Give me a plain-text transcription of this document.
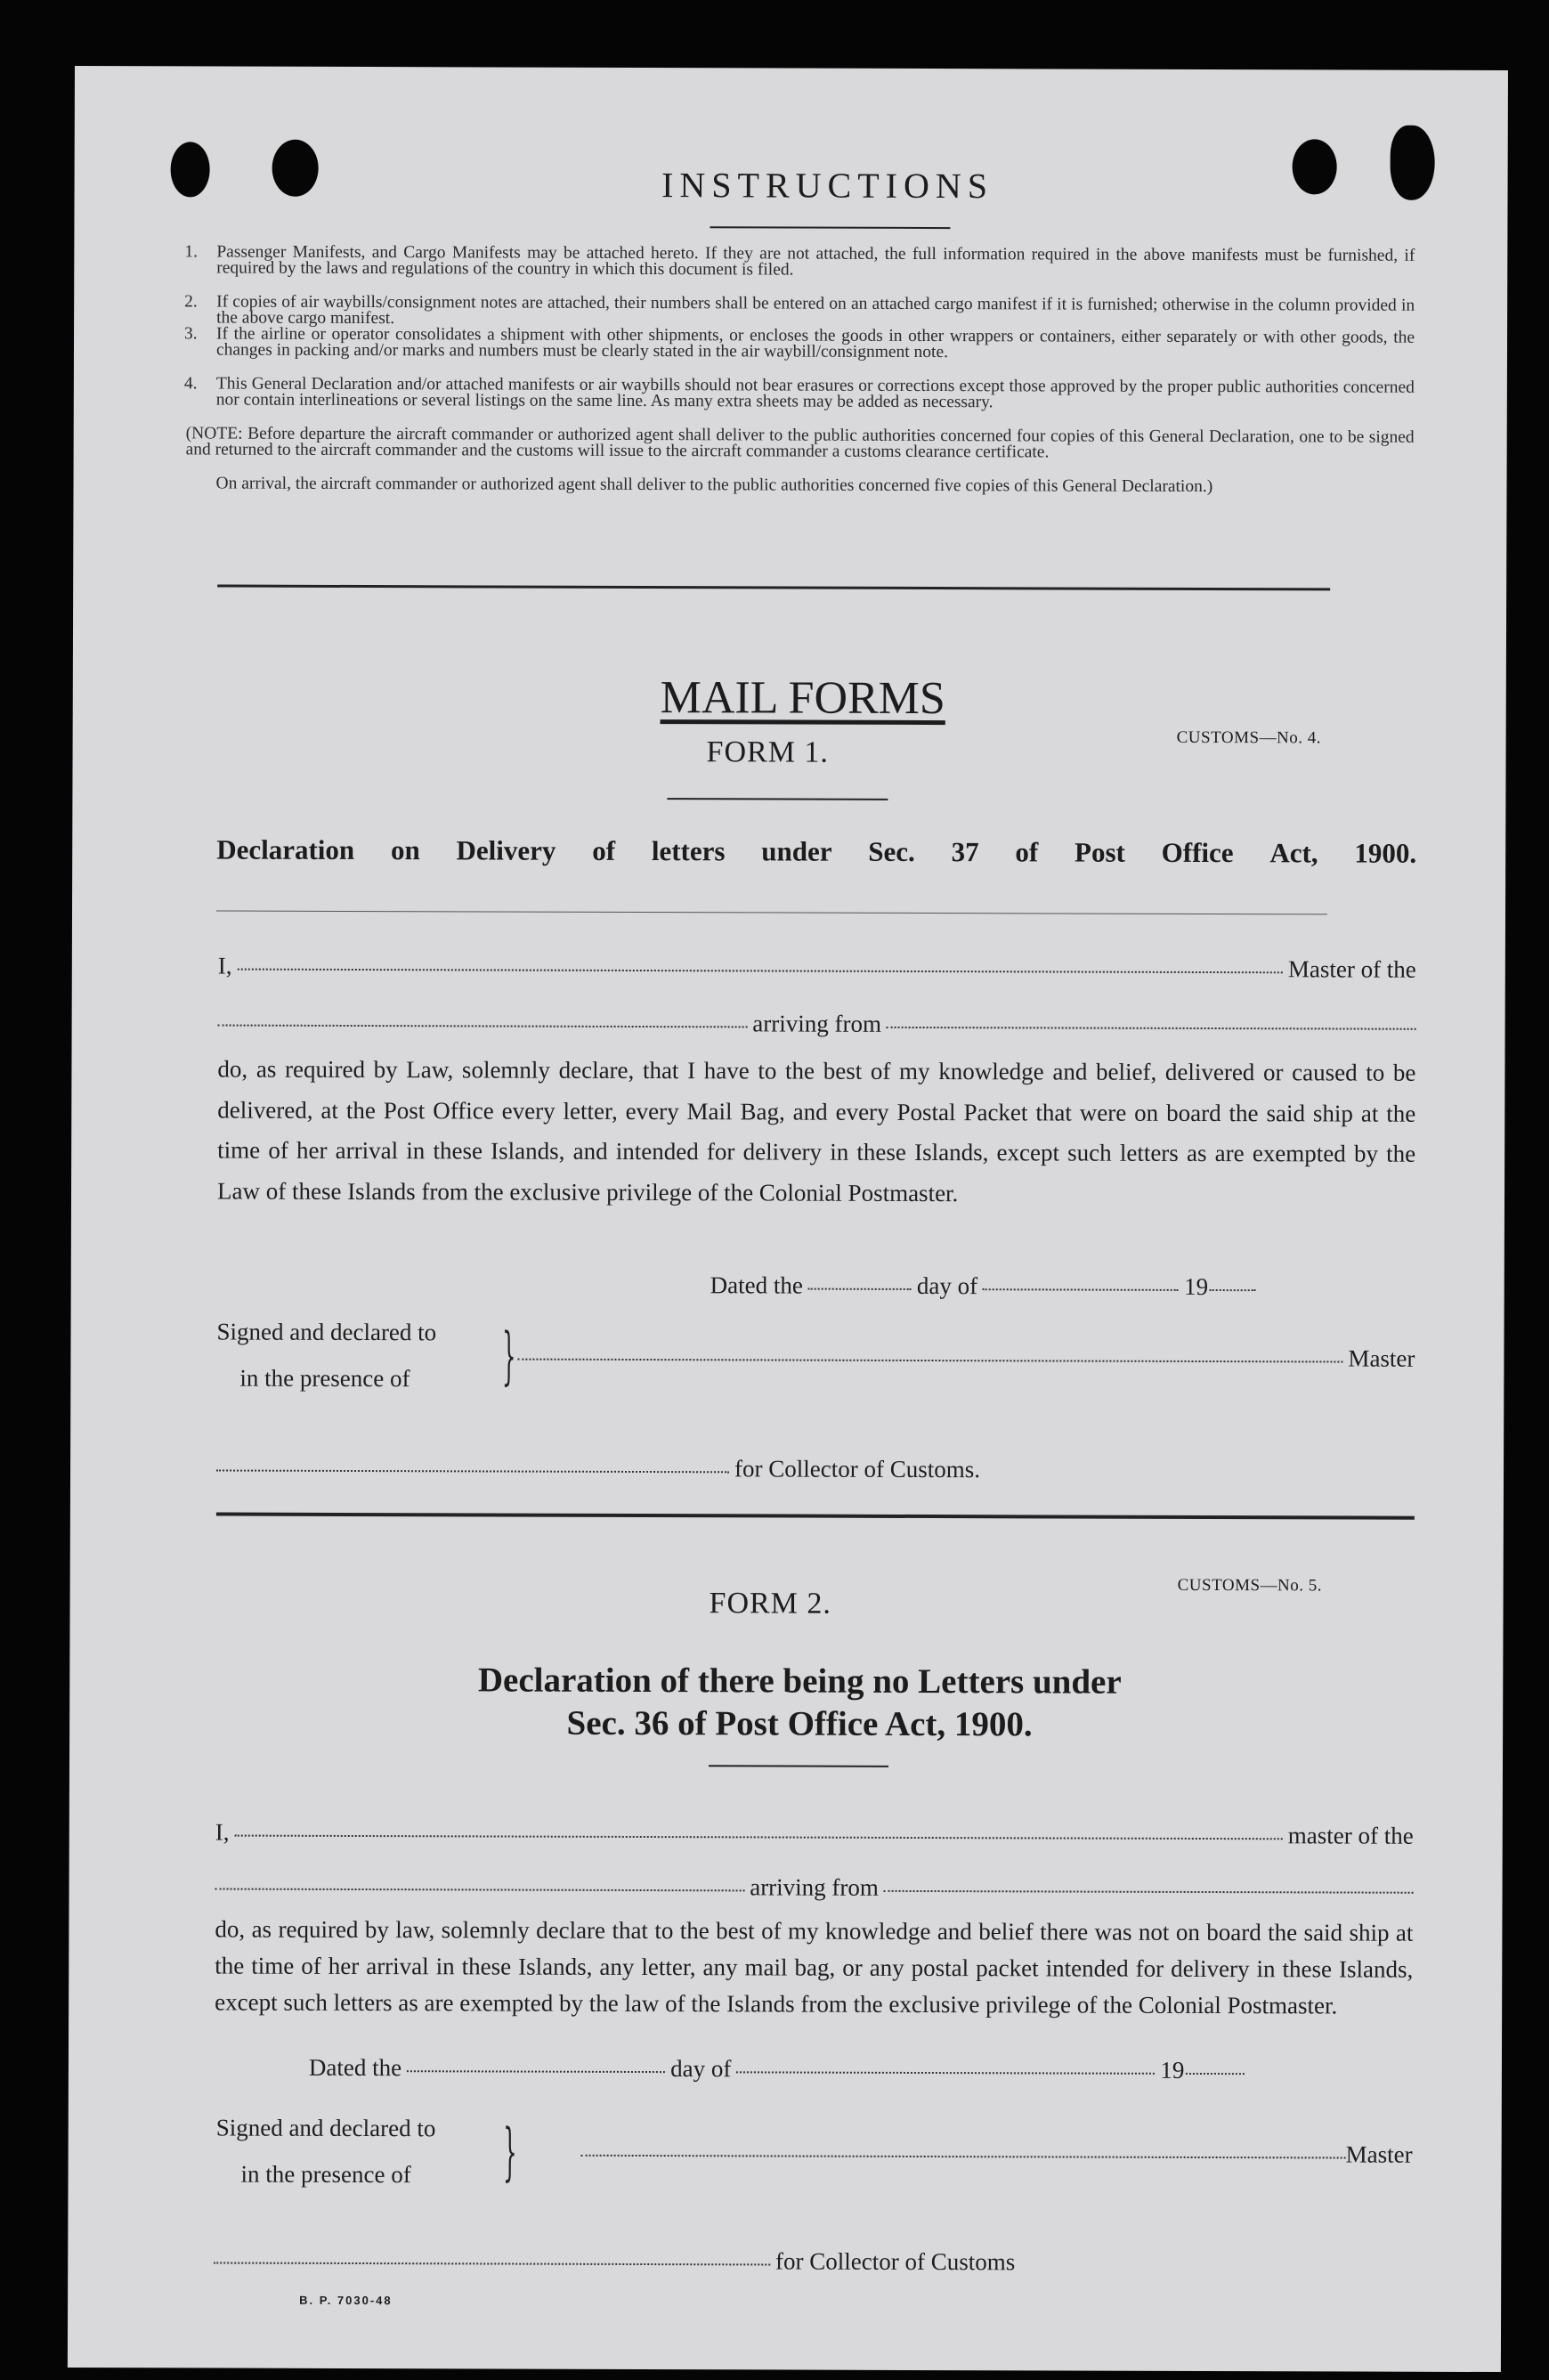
INSTRUCTIONS
1. Passenger Manifests, and Cargo Manifests may be attached hereto. If they are not attached, the full information required in the above manifests must be furnished, if required by the laws and regulations of the country in which this document is filed.
2. If copies of air waybills/consignment notes are attached, their numbers shall be entered on an attached cargo manifest if it is furnished; otherwise in the column provided in the above cargo manifest.
3. If the airline or operator consolidates a shipment with other shipments, or encloses the goods in other wrappers or containers, either separately or with other goods, the changes in packing and/or marks and numbers must be clearly stated in the air waybill/consignment note.
4. This General Declaration and/or attached manifests or air waybills should not bear erasures or corrections except those approved by the proper public authorities concerned nor contain interlineations or several listings on the same line. As many extra sheets may be added as necessary.
(NOTE: Before departure the aircraft commander or authorized agent shall deliver to the public authorities concerned four copies of this General Declaration, one to be signed and returned to the aircraft commander and the customs will issue to the aircraft commander a customs clearance certificate.
On arrival, the aircraft commander or authorized agent shall deliver to the public authorities concerned five copies of this General Declaration.)
MAIL FORMS
CUSTOMS—No. 4.
FORM 1.
Declaration on Delivery of letters under Sec. 37 of Post Office Act, 1900.
I,	Master of the
arriving from
do, as required by Law, solemnly declare, that I have to the best of my knowledge and belief, delivered or caused to be delivered, at the Post Office every letter, every Mail Bag, and every Postal Packet that were on board the said ship at the time of her arrival in these Islands, and intended for delivery in these Islands, except such letters as are exempted by the Law of these Islands from the exclusive privilege of the Colonial Postmaster.
Dated the	day of	19
Signed and declared to
in the presence of }	Master
for Collector of Customs.
CUSTOMS—No. 5.
FORM 2.
Declaration of there being no Letters under
Sec. 36 of Post Office Act, 1900.
I,	master of the
arriving from
do, as required by law, solemnly declare that to the best of my knowledge and belief there was not on board the said ship at the time of her arrival in these Islands, any letter, any mail bag, or any postal packet intended for delivery in these Islands, except such letters as are exempted by the law of the Islands from the exclusive privilege of the Colonial Postmaster.
Dated the	day of	19
Signed and declared to
in the presence of }	Master
for Collector of Customs
B. P. 7030-48
